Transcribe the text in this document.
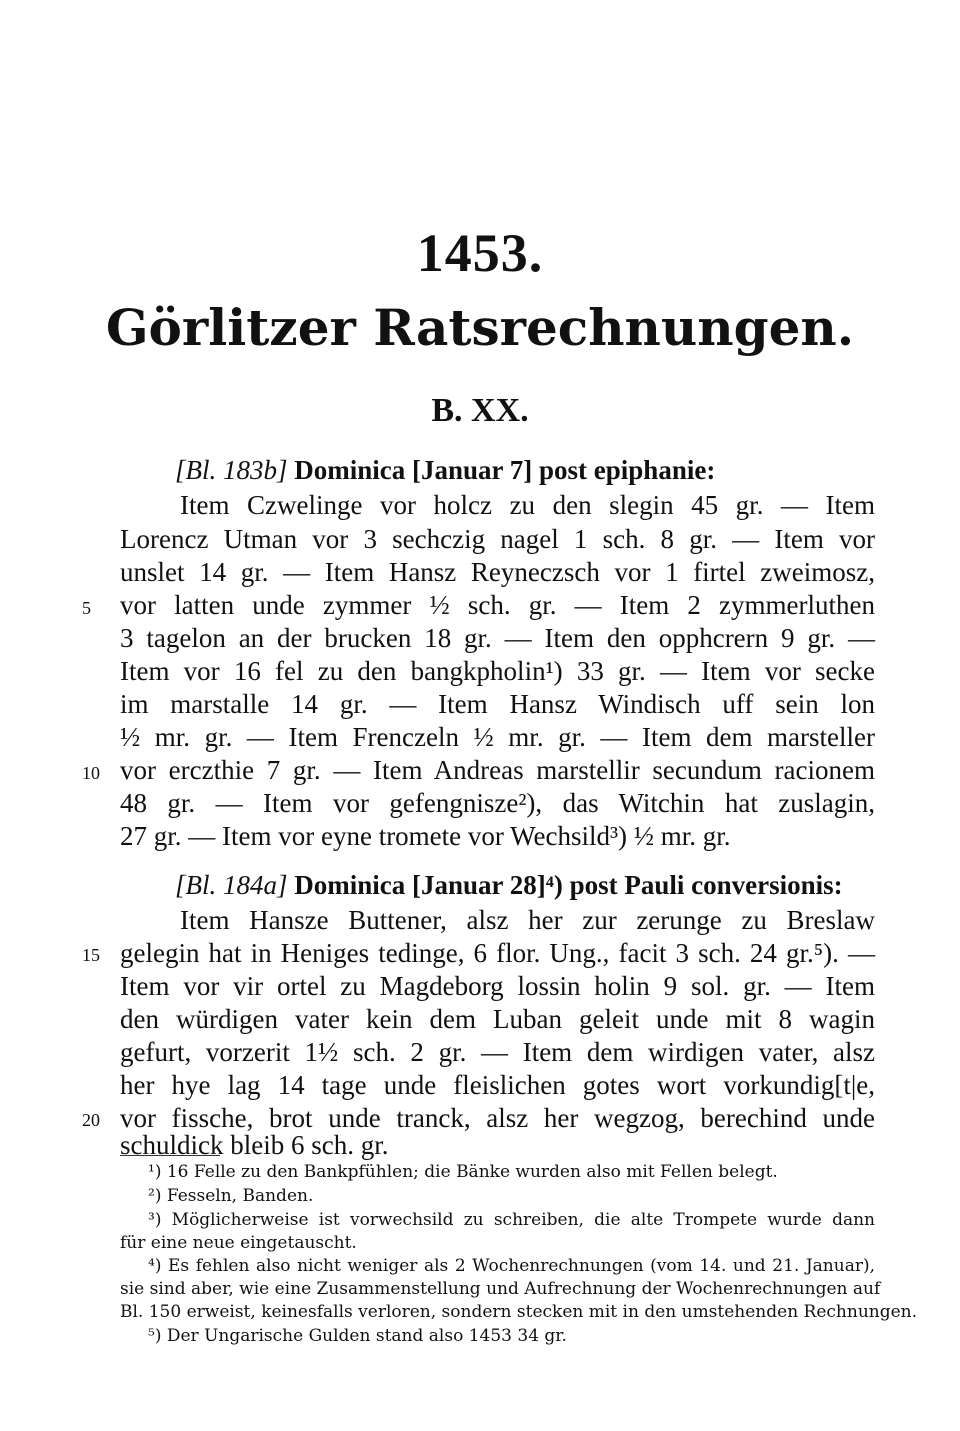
1453.
Görlitzer Ratsrechnungen.
B. XX.
[Bl. 183b] Dominica [Januar 7] post epiphanie:
Item Czwelinge vor holcz zu den slegin 45 gr. — Item
Lorencz Utman vor 3 sechczig nagel 1 sch. 8 gr. — Item vor
unslet 14 gr. — Item Hansz Reyneczsch vor 1 firtel zweimosz,
vor latten unde zymmer ½ sch. gr. — Item 2 zymmerluthen
3 tagelon an der brucken 18 gr. — Item den opphcrern 9 gr. —
Item vor 16 fel zu den bangkpholin¹) 33 gr. — Item vor secke
im marstalle 14 gr. — Item Hansz Windisch uff sein lon
½ mr. gr. — Item Frenczeln ½ mr. gr. — Item dem marsteller
vor erczthie 7 gr. — Item Andreas marstellir secundum racionem
48 gr. — Item vor gefengnisze²), das Witchin hat zuslagin,
27 gr. — Item vor eyne tromete vor Wechsild³) ½ mr. gr.
[Bl. 184a] Dominica [Januar 28]⁴) post Pauli conversionis:
Item Hansze Buttener, alsz her zur zerunge zu Breslaw
gelegin hat in Heniges tedinge, 6 flor. Ung., facit 3 sch. 24 gr.⁵). —
Item vor vir ortel zu Magdeborg lossin holin 9 sol. gr. — Item
den würdigen vater kein dem Luban geleit unde mit 8 wagin
gefurt, vorzerit 1½ sch. 2 gr. — Item dem wirdigen vater, alsz
her hye lag 14 tage unde fleislichen gotes wort vorkundig[t|e,
vor fissche, brot unde tranck, alsz her wegzog, berechind unde
schuldick bleib 6 sch. gr.
5
10
15
20
¹) 16 Felle zu den Bankpfühlen; die Bänke wurden also mit Fellen belegt.
²) Fesseln, Banden.
³) Möglicherweise ist vorwechsild zu schreiben, die alte Trompete wurde dann
für eine neue eingetauscht.
⁴) Es fehlen also nicht weniger als 2 Wochenrechnungen (vom 14. und 21. Januar),
sie sind aber, wie eine Zusammenstellung und Aufrechnung der Wochenrechnungen auf
Bl. 150 erweist, keinesfalls verloren, sondern stecken mit in den umstehenden Rechnungen.
⁵) Der Ungarische Gulden stand also 1453 34 gr.
